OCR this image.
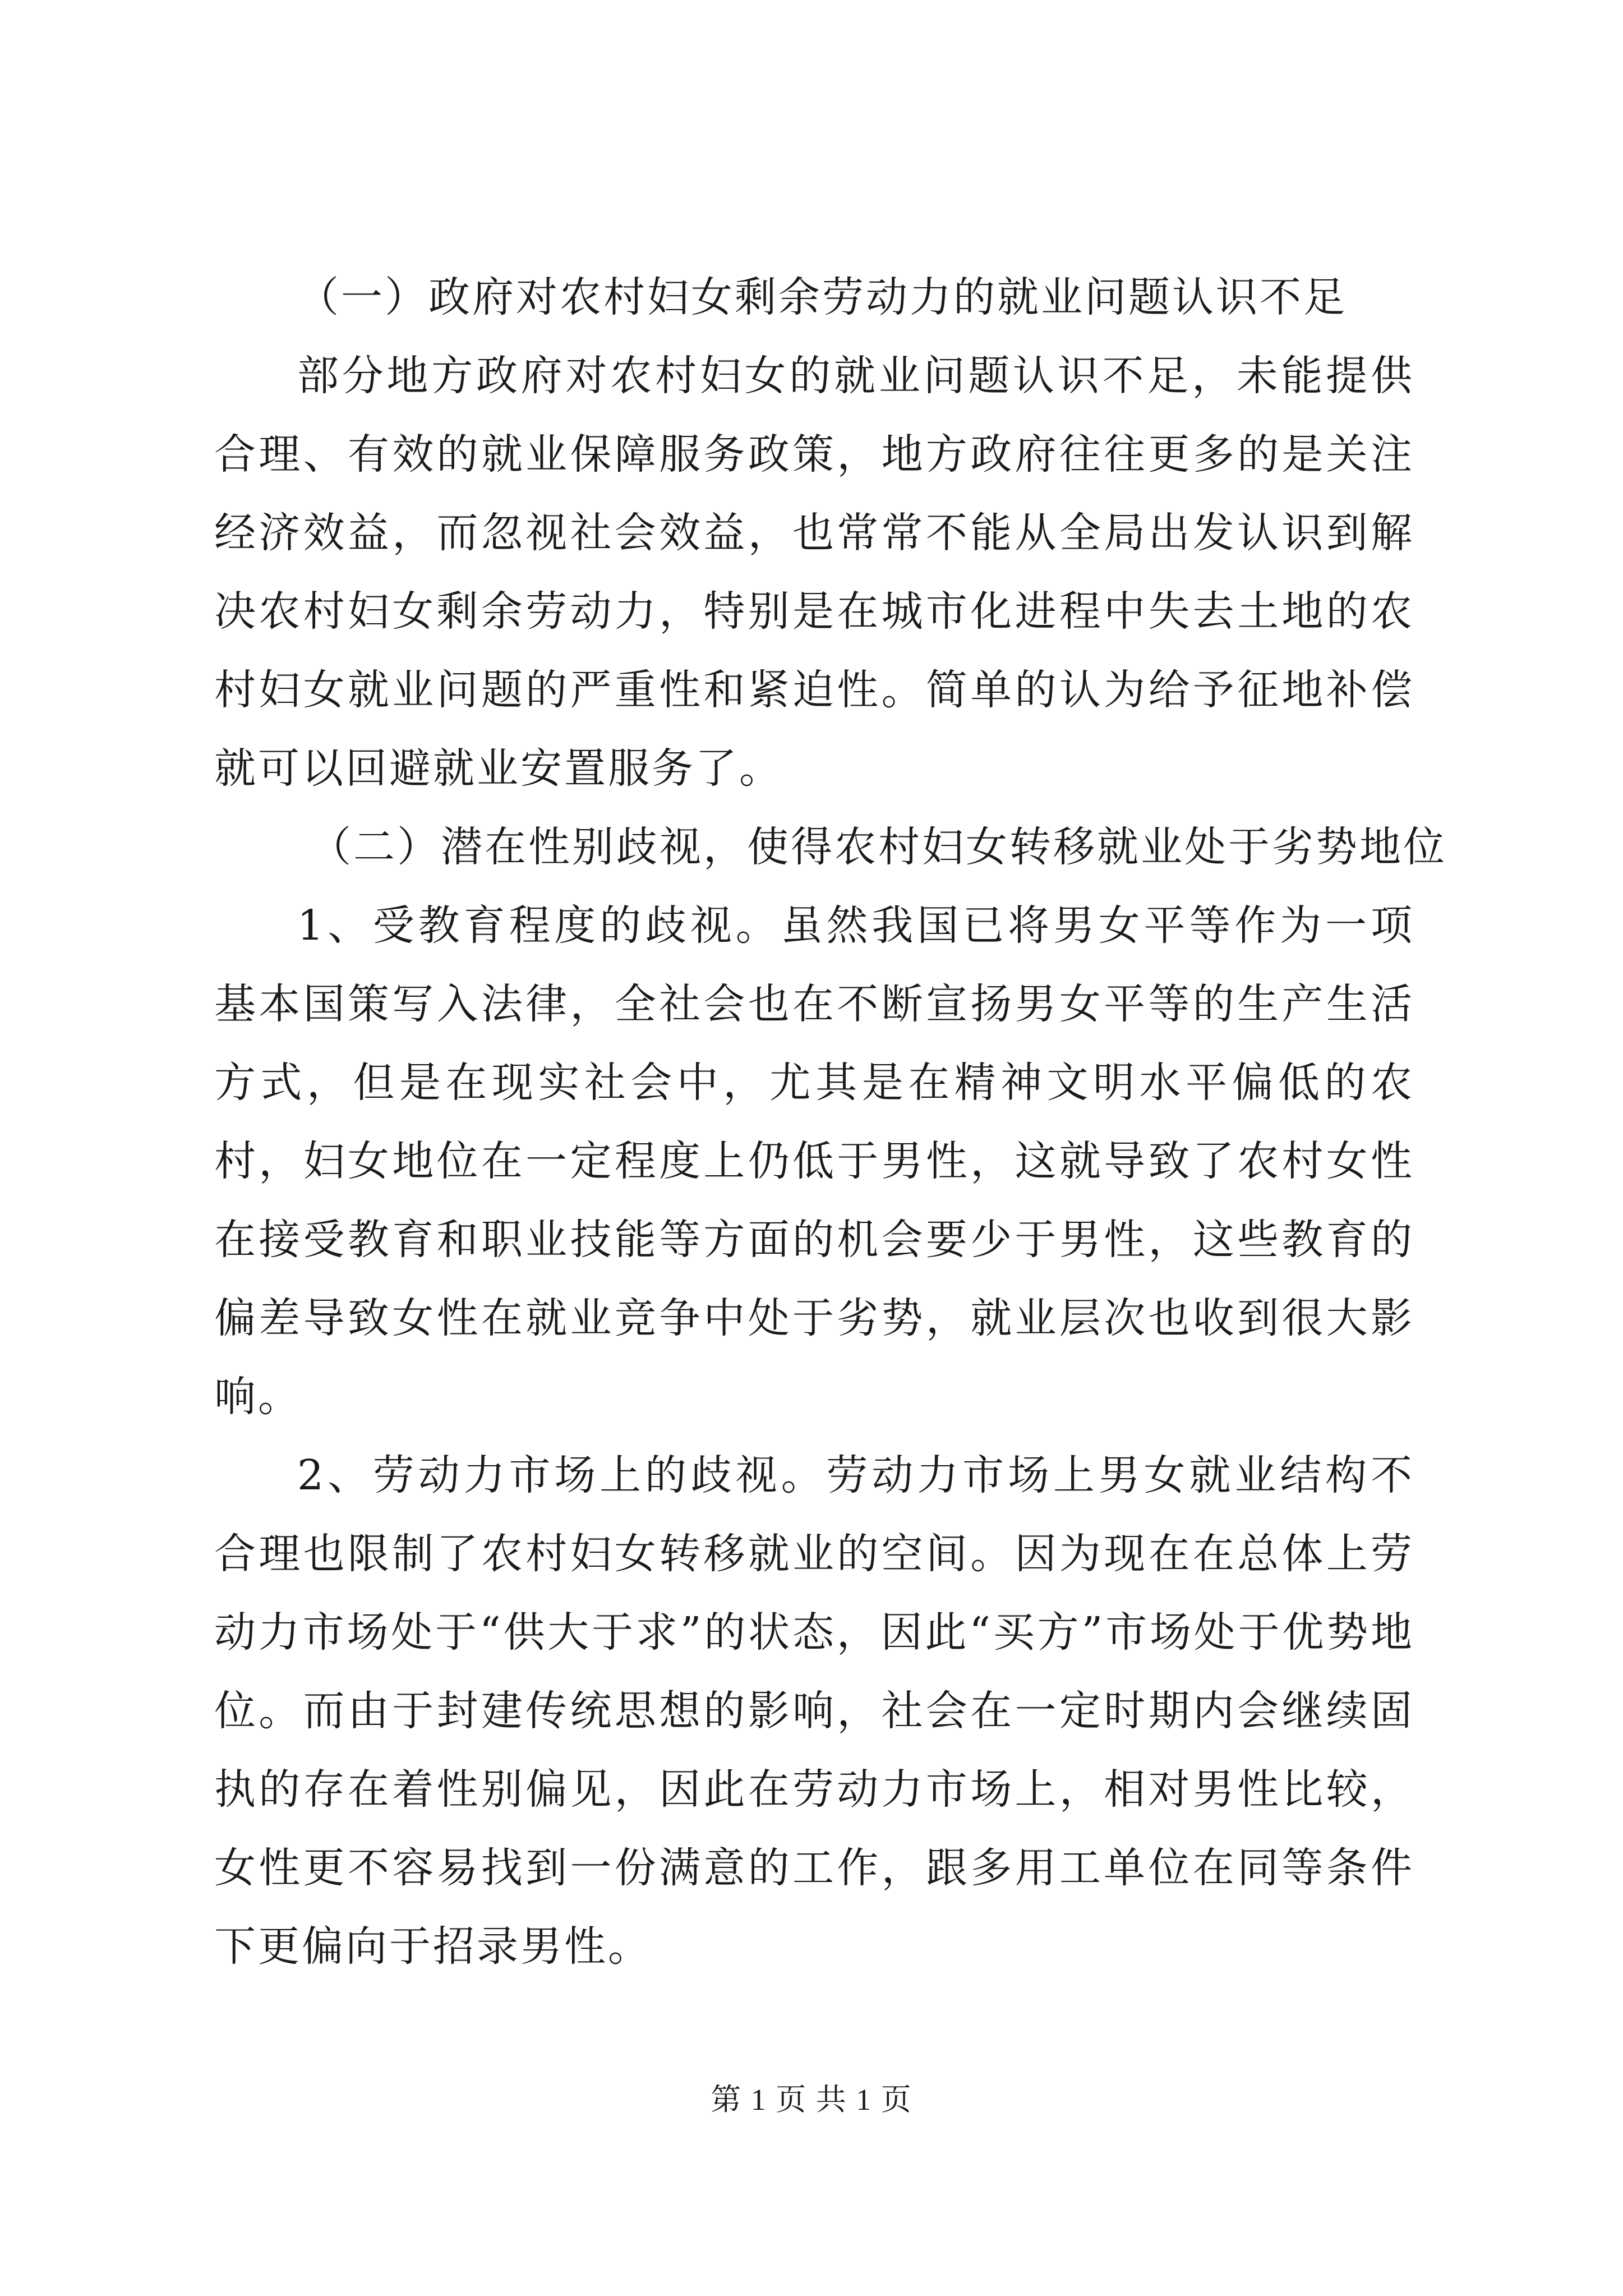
（一）政府对农村妇女剩余劳动力的就业问题认识不足

部分地方政府对农村妇女的就业问题认识不足，未能提供合理、有效的就业保障服务政策，地方政府往往更多的是关注经济效益，而忽视社会效益，也常常不能从全局出发认识到解决农村妇女剩余劳动力，特别是在城市化进程中失去土地的农村妇女就业问题的严重性和紧迫性。简单的认为给予征地补偿就可以回避就业安置服务了。

（二）潜在性别歧视，使得农村妇女转移就业处于劣势地位

1、受教育程度的歧视。虽然我国已将男女平等作为一项基本国策写入法律，全社会也在不断宣扬男女平等的生产生活方式，但是在现实社会中，尤其是在精神文明水平偏低的农村，妇女地位在一定程度上仍低于男性，这就导致了农村女性在接受教育和职业技能等方面的机会要少于男性，这些教育的偏差导致女性在就业竞争中处于劣势，就业层次也收到很大影响。

2、劳动力市场上的歧视。劳动力市场上男女就业结构不合理也限制了农村妇女转移就业的空间。因为现在在总体上劳动力市场处于“供大于求”的状态，因此“买方”市场处于优势地位。而由于封建传统思想的影响，社会在一定时期内会继续固执的存在着性别偏见，因此在劳动力市场上，相对男性比较，女性更不容易找到一份满意的工作，跟多用工单位在同等条件下更偏向于招录男性。

第 1 页 共 1 页
